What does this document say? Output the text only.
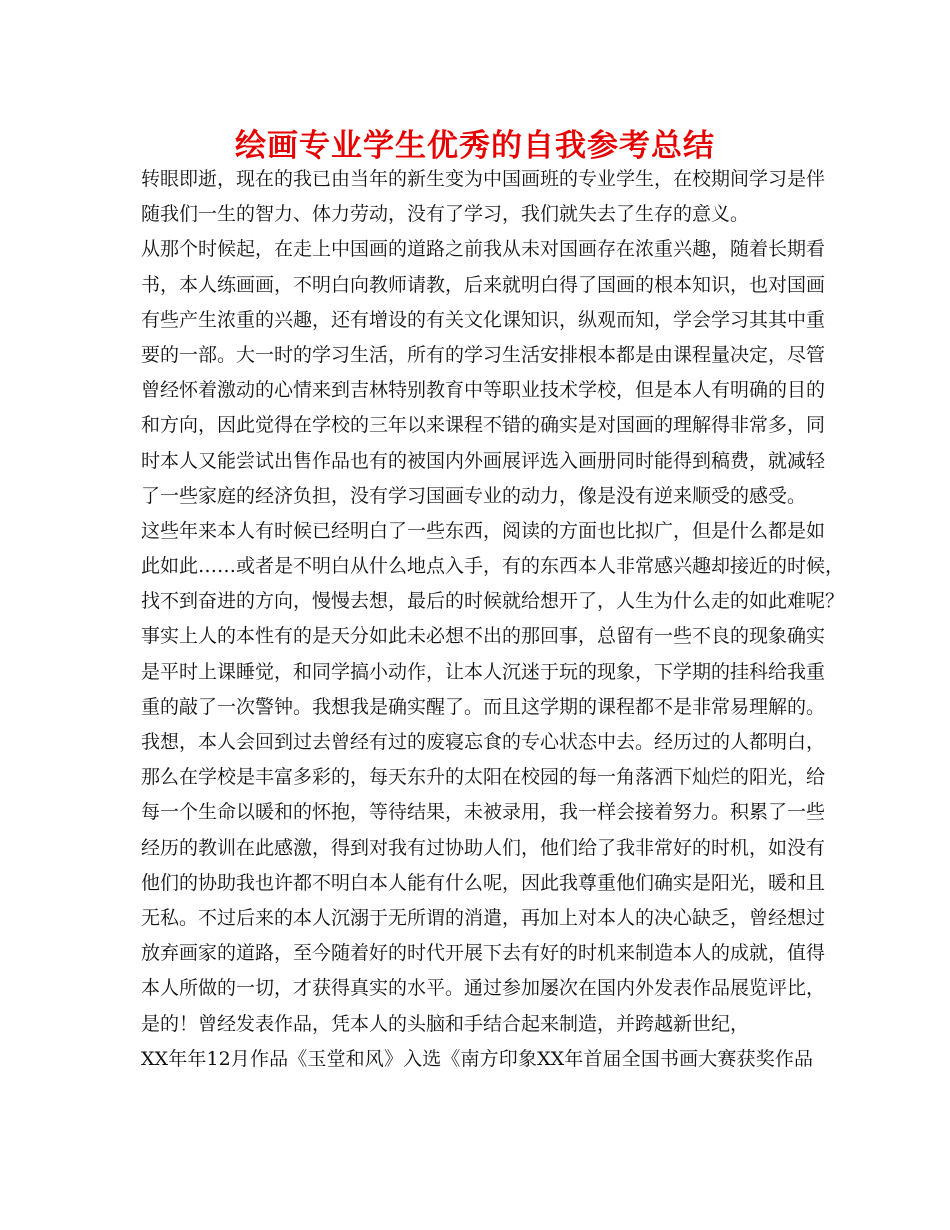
绘画专业学生优秀的自我参考总结
转眼即逝，现在的我已由当年的新生变为中国画班的专业学生，在校期间学习是伴
随我们一生的智力、体力劳动，没有了学习，我们就失去了生存的意义。
从那个时候起，在走上中国画的道路之前我从未对国画存在浓重兴趣，随着长期看
书，本人练画画，不明白向教师请教，后来就明白得了国画的根本知识，也对国画
有些产生浓重的兴趣，还有增设的有关文化课知识，纵观而知，学会学习其其中重
要的一部。大一时的学习生活，所有的学习生活安排根本都是由课程量决定，尽管
曾经怀着激动的心情来到吉林特别教育中等职业技术学校，但是本人有明确的目的
和方向，因此觉得在学校的三年以来课程不错的确实是对国画的理解得非常多，同
时本人又能尝试出售作品也有的被国内外画展评选入画册同时能得到稿费，就减轻
了一些家庭的经济负担，没有学习国画专业的动力，像是没有逆来顺受的感受。
这些年来本人有时候已经明白了一些东西，阅读的方面也比拟广，但是什么都是如
此如此……或者是不明白从什么地点入手，有的东西本人非常感兴趣却接近的时候，
找不到奋进的方向，慢慢去想，最后的时候就给想开了，人生为什么走的如此难呢？
事实上人的本性有的是天分如此未必想不出的那回事，总留有一些不良的现象确实
是平时上课睡觉，和同学搞小动作，让本人沉迷于玩的现象，下学期的挂科给我重
重的敲了一次警钟。我想我是确实醒了。而且这学期的课程都不是非常易理解的。
我想，本人会回到过去曾经有过的废寝忘食的专心状态中去。经历过的人都明白，
那么在学校是丰富多彩的，每天东升的太阳在校园的每一角落洒下灿烂的阳光，给
每一个生命以暖和的怀抱，等待结果，未被录用，我一样会接着努力。积累了一些
经历的教训在此感激，得到对我有过协助人们，他们给了我非常好的时机，如没有
他们的协助我也许都不明白本人能有什么呢，因此我尊重他们确实是阳光，暖和且
无私。不过后来的本人沉溺于无所谓的消遣，再加上对本人的决心缺乏，曾经想过
放弃画家的道路，至今随着好的时代开展下去有好的时机来制造本人的成就，值得
本人所做的一切，才获得真实的水平。通过参加屡次在国内外发表作品展览评比，
是的！曾经发表作品，凭本人的头脑和手结合起来制造，并跨越新世纪，
XX年年12月作品《玉堂和风》入选《南方印象XX年首届全国书画大赛获奖作品
